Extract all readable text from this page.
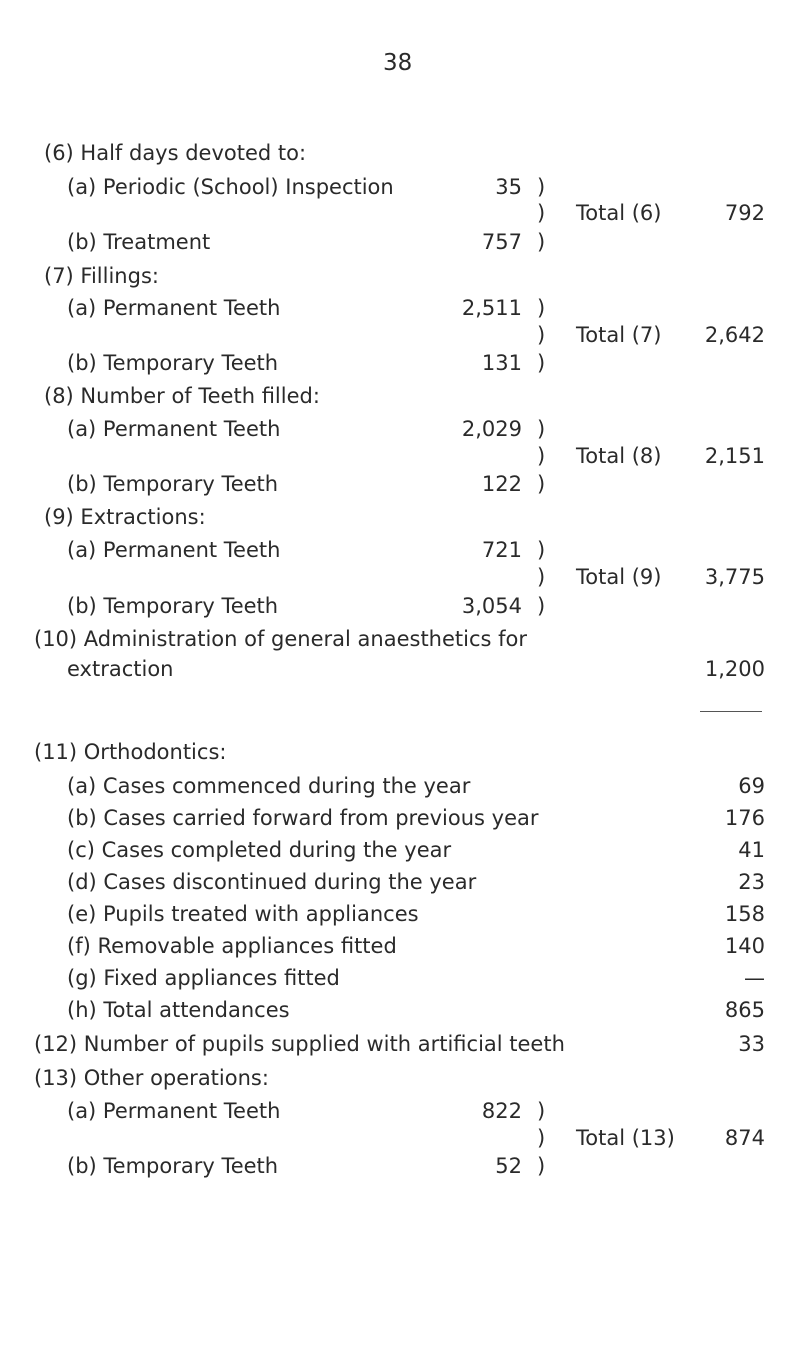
38
(6) Half days devoted to:
(a) Periodic (School) Inspection	35 )
) Total (6)	792
(b) Treatment	757 )
(7) Fillings:
(a) Permanent Teeth	2,511 )
) Total (7)	2,642
(b) Temporary Teeth	131 )
(8) Number of Teeth filled:
(a) Permanent Teeth	2,029 )
) Total (8)	2,151
(b) Temporary Teeth	122 )
(9) Extractions:
(a) Permanent Teeth	721 )
) Total (9)	3,775
(b) Temporary Teeth	3,054 )
(10) Administration of general anaesthetics for
extraction	1,200
(11) Orthodontics:
(a) Cases commenced during the year	69
(b) Cases carried forward from previous year	176
(c) Cases completed during the year	41
(d) Cases discontinued during the year	23
(e) Pupils treated with appliances	158
(f) Removable appliances fitted	140
(g) Fixed appliances fitted	—
(h) Total attendances	865
(12) Number of pupils supplied with artificial teeth	33
(13) Other operations:
(a) Permanent Teeth	822 )
) Total (13)	874
(b) Temporary Teeth	52 )
